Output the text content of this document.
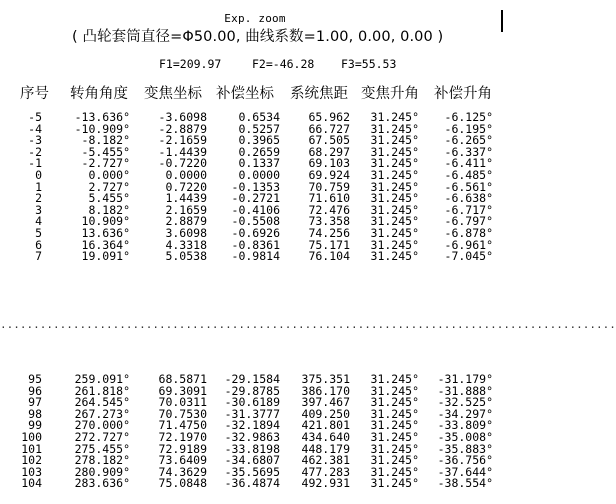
Exp. zoom
( 凸轮套筒直径=Φ50.00, 曲线系数=1.00, 0.00, 0.00 )
F1=209.97	F2=-46.28 F3=55.53
序号 转角角度 变焦坐标 补偿坐标 系统焦距 变焦升角 补偿升角
-5	-13.636°	-3.6098	0.6534	65.962	31.245°	-6.125°
-4	-10.909°	-2.8879	0.5257	66.727	31.245°	-6.195°
-3	-8.182°	-2.1659	0.3965	67.505	31.245°	-6.265°
-2	-5.455°	-1.4439	0.2659	68.297	31.245°	-6.337°
-1	-2.727°	-0.7220	0.1337	69.103	31.245°	-6.411°
0	0.000°	0.0000	0.0000	69.924	31.245°	-6.485°
1	2.727°	0.7220	-0.1353	70.759	31.245°	-6.561°
2	5.455°	1.4439	-0.2721	71.610	31.245°	-6.638°
3	8.182°	2.1659	-0.4106	72.476	31.245°	-6.717°
4	10.909°	2.8879	-0.5508	73.358	31.245°	-6.797°
5	13.636°	3.6098	-0.6926	74.256	31.245°	-6.878°
6	16.364°	4.3318	-0.8361	75.171	31.245°	-6.961°
7	19.091°	5.0538	-0.9814	76.104	31.245°	-7.045°
.............................................................................................
95	259.091°	68.5871	-29.1584	375.351	31.245°	-31.179°
96	261.818°	69.3091	-29.8785	386.170	31.245°	-31.888°
97	264.545°	70.0311	-30.6189	397.467	31.245°	-32.525°
98	267.273°	70.7530	-31.3777	409.250	31.245°	-34.297°
99	270.000°	71.4750	-32.1894	421.801	31.245°	-33.809°
100	272.727°	72.1970	-32.9863	434.640	31.245°	-35.008°
101	275.455°	72.9189	-33.8198	448.179	31.245°	-35.883°
102	278.182°	73.6409	-34.6807	462.381	31.245°	-36.756°
103	280.909°	74.3629	-35.5695	477.283	31.245°	-37.644°
104	283.636°	75.0848	-36.4874	492.931	31.245°	-38.554°
